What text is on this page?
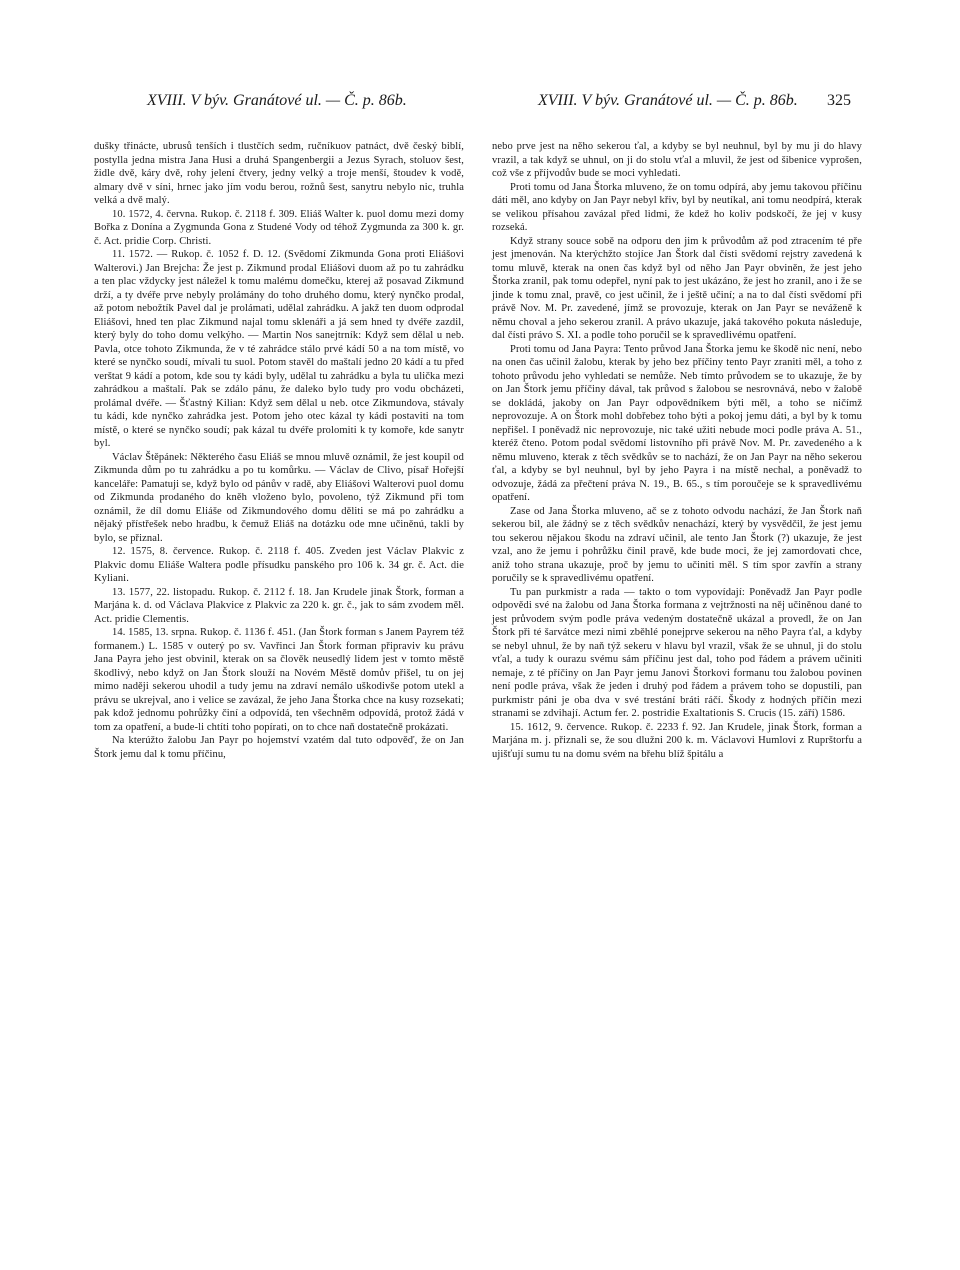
XVIII. V býv. Granátové ul. — Č. p. 86b.	XVIII. V býv. Granátové ul. — Č. p. 86b. 325

dušky třinácte, ubrusů tenších i tlustčích sedm, ručníkuov patnáct, dvě český biblí, postylla jedna mistra Jana Husi a druhá Spangenbergii a Jezus Syrach, stoluov šest, židle dvě, káry dvě, rohy jelení čtvery, jedny velký a troje menší, štoudev k vodě, almary dvě v síni, hrnec jako jím vodu berou, rožnů šest, sanytru nebylo nic, truhla velká a dvě malý.

10. 1572, 4. června. Rukop. č. 2118 f. 309. Eliáš Walter k. puol domu mezi domy Bořka z Donína a Zygmunda Gona z Studené Vody od téhož Zygmunda za 300 k. gr. č. Act. pridie Corp. Christi.

11. 1572. — Rukop. č. 1052 f. D. 12. (Svědomí Zikmunda Gona proti Eliášovi Walterovi.) Jan Brejcha: Že jest p. Zikmund prodal Eliášovi duom až po tu zahrádku a ten plac vždycky jest náležel k tomu malému domečku, kterej až posavad Zikmund drží, a ty dvéře prve nebyly prolámány do toho druhého domu, který nynčko prodal, až potom nebožtík Pavel dal je prolámati, udělal zahrádku. A jakž ten duom odprodal Eliášovi, hned ten plac Zikmund najal tomu sklenáři a já sem hned ty dvéře zazdil, který byly do toho domu velkýho. — Martin Nos sanejtrník: Když sem dělal u neb. Pavla, otce tohoto Zikmunda, že v té zahrádce stálo prvé kádí 50 a na tom místě, vo které se nynčko soudí, mívali tu suol. Potom stavěl do maštalí jedno 20 kádí a tu před verštat 9 kádí a potom, kde sou ty kádi byly, udělal tu zahrádku a byla tu ulička mezi zahrádkou a maštalí. Pak se zdálo pánu, že daleko bylo tudy pro vodu obcházeti, prolámal dvéře. — Šťastný Kilian: Když sem dělal u neb. otce Zikmundova, stávaly tu kádi, kde nynčko zahrádka jest. Potom jeho otec kázal ty kádi postaviti na tom místě, o které se nynčko soudí; pak kázal tu dvéře prolomiti k ty komoře, kde sanytr byl.

Václav Štěpánek: Některého času Eliáš se mnou mluvě oznámil, že jest koupil od Zikmunda dům po tu zahrádku a po tu komůrku. — Václav de Clivo, písař Hořejší kanceláře: Pamatuji se, když bylo od pánův v radě, aby Eliášovi Walterovi puol domu od Zikmunda prodaného do kněh vloženo bylo, povoleno, týž Zikmund při tom oznámil, že díl domu Eliáše od Zikmundového domu děliti se má po zahrádku a nějaký přístřešek nebo hradbu, k čemuž Eliáš na dotázku ode mne učiněnú, takli by bylo, se přiznal.

12. 1575, 8. července. Rukop. č. 2118 f. 405. Zveden jest Václav Plakvic z Plakvic domu Eliáše Waltera podle přísudku panského pro 106 k. 34 gr. č. Act. die Kyliani.

13. 1577, 22. listopadu. Rukop. č. 2112 f. 18. Jan Krudele jinak Štork, forman a Marjána k. d. od Václava Plakvice z Plakvic za 220 k. gr. č., jak to sám zvodem měl. Act. pridie Clementis.

14. 1585, 13. srpna. Rukop. č. 1136 f. 451. (Jan Štork forman s Janem Payrem též formanem.) L. 1585 v outerý po sv. Vavřinci Jan Štork forman připraviv ku právu Jana Payra jeho jest obvinil, kterak on sa člověk neusedlý lidem jest v tomto městě škodlivý, nebo když on Jan Štork slouží na Novém Městě domův přišel, tu on jej mimo naději sekerou uhodil a tudy jemu na zdraví nemálo uškodivše potom utekl a právu se ukrejval, ano i velice se zavázal, že jeho Jana Štorka chce na kusy rozsekati; pak kdož jednomu pohrůžky činí a odpovídá, ten všechněm odpovídá, protož žádá v tom za opatření, a bude-li chtíti toho popírati, on to chce naň dostatečně prokázati.

Na kterúžto žalobu Jan Payr po hojemství vzatém dal tuto odpověď, že on Jan Štork jemu dal k tomu příčinu,

nebo prve jest na něho sekerou ťal, a kdyby se byl neuhnul, byl by mu ji do hlavy vrazil, a tak když se uhnul, on ji do stolu vťal a mluvil, že jest od šibenice vyprošen, což vše z příjvodův bude se moci vyhledati.

Proti tomu od Jana Štorka mluveno, že on tomu odpírá, aby jemu takovou příčinu dáti měl, ano kdyby on Jan Payr nebyl křiv, byl by neutíkal, ani tomu neodpírá, kterak se velikou přísahou zavázal před lidmi, že kdež ho koliv podskočí, že jej v kusy rozseká.

Když strany souce sobě na odporu den jim k průvodům až pod ztracením té pře jest jmenován. Na kterýchžto stojíce Jan Štork dal čísti svědomí rejstry zavedená k tomu mluvě, kterak na onen čas když byl od něho Jan Payr obviněn, že jest jeho Štorka zranil, pak tomu odepřel, nyní pak to jest ukázáno, že jest ho zranil, ano i že se jinde k tomu znal, pravě, co jest učinil, že i ještě učiní; a na to dal čísti svědomí při právě Nov. M. Pr. zavedené, jímž se provozuje, kterak on Jan Payr se neváženě k němu choval a jeho sekerou zranil. A právo ukazuje, jaká takového pokuta následuje, dal čísti právo S. XI. a podle toho poručil se k spravedlivému opatření.

Proti tomu od Jana Payra: Tento průvod Jana Štorka jemu ke škodě nic není, nebo na onen čas učinil žalobu, kterak by jeho bez příčiny tento Payr zraniti měl, a toho z tohoto průvodu jeho vyhledati se nemůže. Neb tímto průvodem se to ukazuje, že by on Jan Štork jemu příčiny dával, tak průvod s žalobou se nesrovnává, nebo v žalobě se dokládá, jakoby on Jan Payr odpovědníkem býti měl, a toho se ničímž neprovozuje. A on Štork mohl dobřebez toho býti a pokoj jemu dáti, a byl by k tomu nepřišel. I poněvadž nic neprovozuje, nic také užiti nebude moci podle práva A. 51., kteréž čteno. Potom podal svědomí listovního při právě Nov. M. Pr. zavedeného a k němu mluveno, kterak z těch svědkův se to nachází, že on Jan Payr na něho sekerou ťal, a kdyby se byl neuhnul, byl by jeho Payra i na místě nechal, a poněvadž to odvozuje, žádá za přečtení práva N. 19., B. 65., s tím poroučeje se k spravedlivému opatření.

Zase od Jana Štorka mluveno, ač se z tohoto odvodu nachází, že Jan Štork naň sekerou bil, ale žádný se z těch svědkův nenachází, který by vysvědčil, že jest jemu tou sekerou nějakou škodu na zdraví učinil, ale tento Jan Štork (?) ukazuje, že jest vzal, ano že jemu i pohrůžku činil pravě, kde bude moci, že jej zamordovati chce, aniž toho strana ukazuje, proč by jemu to učiniti měl. S tím spor zavřín a strany poručily se k spravedlivému opatření.

Tu pan purkmistr a rada — takto o tom vypovídají: Poněvadž Jan Payr podle odpovědi své na žalobu od Jana Štorka formana z vejtržnosti na něj učiněnou dané to jest průvodem svým podle práva vedeným dostatečně ukázal a provedl, že on Jan Štork při té šarvátce mezi nimi zběhlé ponejprve sekerou na něho Payra ťal, a kdyby se nebyl uhnul, že by naň týž sekeru v hlavu byl vrazil, však že se uhnul, ji do stolu vťal, a tudy k ourazu svému sám příčinu jest dal, toho pod řádem a právem učiniti nemaje, z té příčiny on Jan Payr jemu Janovi Štorkovi formanu tou žalobou povinen není podle práva, však že jeden i druhý pod řádem a právem toho se dopustili, pan purkmistr páni je oba dva v své trestání bráti ráčí. Škody z hodných příčin mezi stranami se zdvihají. Actum fer. 2. postridie Exaltationis S. Crucis (15. září) 1586.

15. 1612, 9. července. Rukop. č. 2233 f. 92. Jan Krudele, jinak Štork, forman a Marjána m. j. přiznali se, že sou dlužni 200 k. m. Václavovi Humlovi z Ruprštorfu a ujišťují sumu tu na domu svém na břehu blíž špitálu a
